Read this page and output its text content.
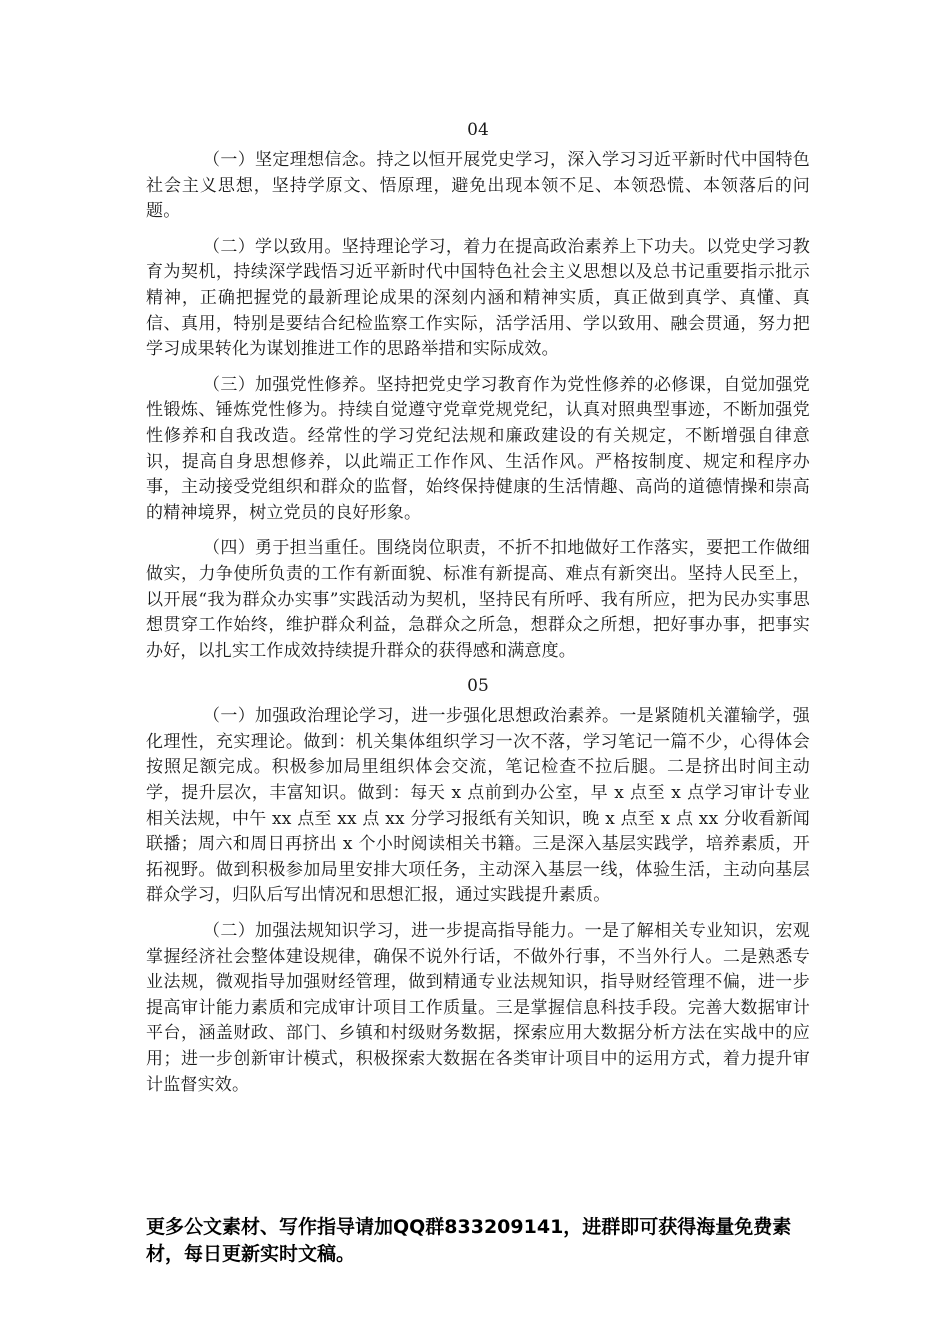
04

（一）坚定理想信念。持之以恒开展党史学习，深入学习习近平新时代中国特色社会主义思想，坚持学原文、悟原理，避免出现本领不足、本领恐慌、本领落后的问题。

（二）学以致用。坚持理论学习，着力在提高政治素养上下功夫。以党史学习教育为契机，持续深学践悟习近平新时代中国特色社会主义思想以及总书记重要指示批示精神，正确把握党的最新理论成果的深刻内涵和精神实质，真正做到真学、真懂、真信、真用，特别是要结合纪检监察工作实际，活学活用、学以致用、融会贯通，努力把学习成果转化为谋划推进工作的思路举措和实际成效。

（三）加强党性修养。坚持把党史学习教育作为党性修养的必修课，自觉加强党性锻炼、锤炼党性修为。持续自觉遵守党章党规党纪，认真对照典型事迹，不断加强党性修养和自我改造。经常性的学习党纪法规和廉政建设的有关规定，不断增强自律意识，提高自身思想修养，以此端正工作作风、生活作风。严格按制度、规定和程序办事，主动接受党组织和群众的监督，始终保持健康的生活情趣、高尚的道德情操和崇高的精神境界，树立党员的良好形象。

（四）勇于担当重任。围绕岗位职责，不折不扣地做好工作落实，要把工作做细做实，力争使所负责的工作有新面貌、标准有新提高、难点有新突出。坚持人民至上，以开展“我为群众办实事”实践活动为契机，坚持民有所呼、我有所应，把为民办实事思想贯穿工作始终，维护群众利益，急群众之所急，想群众之所想，把好事办事，把事实办好，以扎实工作成效持续提升群众的获得感和满意度。

05

（一）加强政治理论学习，进一步强化思想政治素养。一是紧随机关灌输学，强化理性，充实理论。做到：机关集体组织学习一次不落，学习笔记一篇不少，心得体会按照足额完成。积极参加局里组织体会交流，笔记检查不拉后腿。二是挤出时间主动学，提升层次，丰富知识。做到：每天 x 点前到办公室，早 x 点至 x 点学习审计专业相关法规，中午 xx 点至 xx 点 xx 分学习报纸有关知识，晚 x 点至 x 点 xx 分收看新闻联播；周六和周日再挤出 x 个小时阅读相关书籍。三是深入基层实践学，培养素质，开拓视野。做到积极参加局里安排大项任务，主动深入基层一线，体验生活，主动向基层群众学习，归队后写出情况和思想汇报，通过实践提升素质。

（二）加强法规知识学习，进一步提高指导能力。一是了解相关专业知识，宏观掌握经济社会整体建设规律，确保不说外行话，不做外行事，不当外行人。二是熟悉专业法规，微观指导加强财经管理，做到精通专业法规知识，指导财经管理不偏，进一步提高审计能力素质和完成审计项目工作质量。三是掌握信息科技手段。完善大数据审计平台，涵盖财政、部门、乡镇和村级财务数据，探索应用大数据分析方法在实战中的应用；进一步创新审计模式，积极探索大数据在各类审计项目中的运用方式，着力提升审计监督实效。

更多公文素材、写作指导请加QQ群833209141，进群即可获得海量免费素材，每日更新实时文稿。
